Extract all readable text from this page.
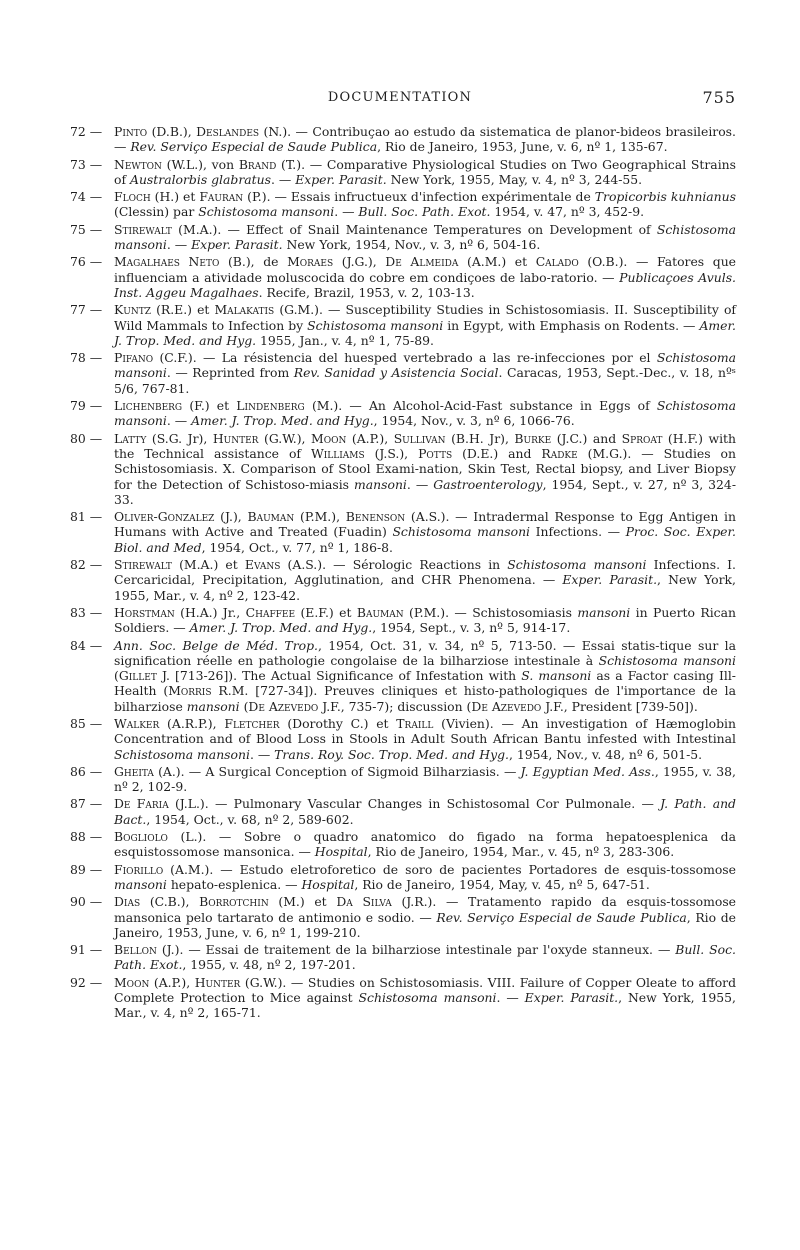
DOCUMENTATION	755
72 — Pinto (D.B.), Deslandes (N.). — Contribuçao ao estudo da sistematica de planor-bideos brasileiros. — Rev. Serviço Especial de Saude Publica, Rio de Janeiro, 1953, June, v. 6, nº 1, 135-67.
73 — Newton (W.L.), von Brand (T.). — Comparative Physiological Studies on Two Geographical Strains of Australorbis glabratus. — Exper. Parasit. New York, 1955, May, v. 4, nº 3, 244-55.
74 — Floch (H.) et Fauran (P.). — Essais infructueux d'infection expérimentale de Tropicorbis kuhnianus (Clessin) par Schistosoma mansoni. — Bull. Soc. Path. Exot. 1954, v. 47, nº 3, 452-9.
75 — Stirewalt (M.A.). — Effect of Snail Maintenance Temperatures on Development of Schistosoma mansoni. — Exper. Parasit. New York, 1954, Nov., v. 3, nº 6, 504-16.
76 — Magalhaes Neto (B.), de Moraes (J.G.), De Almeida (A.M.) et Calado (O.B.). — Fatores que influenciam a atividade moluscocida do cobre em condiçoes de labo-ratorio. — Publicaçoes Avuls. Inst. Aggeu Magalhaes. Recife, Brazil, 1953, v. 2, 103-13.
77 — Kuntz (R.E.) et Malakatis (G.M.). — Susceptibility Studies in Schistosomiasis. II. Susceptibility of Wild Mammals to Infection by Schistosoma mansoni in Egypt, with Emphasis on Rodents. — Amer. J. Trop. Med. and Hyg. 1955, Jan., v. 4, nº 1, 75-89.
78 — Pifano (C.F.). — La résistencia del huesped vertebrado a las re-infecciones por el Schistosoma mansoni. — Reprinted from Rev. Sanidad y Asistencia Social. Caracas, 1953, Sept.-Dec., v. 18, nºˢ 5/6, 767-81.
79 — Lichenberg (F.) et Lindenberg (M.). — An Alcohol-Acid-Fast substance in Eggs of Schistosoma mansoni. — Amer. J. Trop. Med. and Hyg., 1954, Nov., v. 3, nº 6, 1066-76.
80 — Latty (S.G. Jr), Hunter (G.W.), Moon (A.P.), Sullivan (B.H. Jr), Burke (J.C.) and Sproat (H.F.) with the Technical assistance of Williams (J.S.), Potts (D.E.) and Radke (M.G.). — Studies on Schistosomiasis. X. Comparison of Stool Exami-nation, Skin Test, Rectal biopsy, and Liver Biopsy for the Detection of Schistoso-miasis mansoni. — Gastroenterology, 1954, Sept., v. 27, nº 3, 324-33.
81 — Oliver-Gonzalez (J.), Bauman (P.M.), Benenson (A.S.). — Intradermal Response to Egg Antigen in Humans with Active and Treated (Fuadin) Schistosoma mansoni Infections. — Proc. Soc. Exper. Biol. and Med, 1954, Oct., v. 77, nº 1, 186-8.
82 — Stirewalt (M.A.) et Evans (A.S.). — Sérologic Reactions in Schistosoma mansoni Infections. I. Cercaricidal, Precipitation, Agglutination, and CHR Phenomena. — Exper. Parasit., New York, 1955, Mar., v. 4, nº 2, 123-42.
83 — Horstman (H.A.) Jr., Chaffee (E.F.) et Bauman (P.M.). — Schistosomiasis mansoni in Puerto Rican Soldiers. — Amer. J. Trop. Med. and Hyg., 1954, Sept., v. 3, nº 5, 914-17.
84 — Ann. Soc. Belge de Méd. Trop., 1954, Oct. 31, v. 34, nº 5, 713-50. — Essai statis-tique sur la signification réelle en pathologie congolaise de la bilharziose intestinale à Schistosoma mansoni (Gillet J. [713-26]). The Actual Significance of Infestation with S. mansoni as a Factor casing Ill-Health (Morris R.M. [727-34]). Preuves cliniques et histo-pathologiques de l'importance de la bilharziose mansoni (De Azevedo J.F., 735-7); discussion (De Azevedo J.F., President [739-50]).
85 — Walker (A.R.P.), Fletcher (Dorothy C.) et Traill (Vivien). — An investigation of Hæmoglobin Concentration and of Blood Loss in Stools in Adult South African Bantu infested with Intestinal Schistosoma mansoni. — Trans. Roy. Soc. Trop. Med. and Hyg., 1954, Nov., v. 48, nº 6, 501-5.
86 — Gheita (A.). — A Surgical Conception of Sigmoid Bilharziasis. — J. Egyptian Med. Ass., 1955, v. 38, nº 2, 102-9.
87 — De Faria (J.L.). — Pulmonary Vascular Changes in Schistosomal Cor Pulmonale. — J. Path. and Bact., 1954, Oct., v. 68, nº 2, 589-602.
88 — Bogliolo (L.). — Sobre o quadro anatomico do figado na forma hepatoesplenica da esquistossomose mansonica. — Hospital, Rio de Janeiro, 1954, Mar., v. 45, nº 3, 283-306.
89 — Fiorillo (A.M.). — Estudo eletroforetico de soro de pacientes Portadores de esquis-tossomose mansoni hepato-esplenica. — Hospital, Rio de Janeiro, 1954, May, v. 45, nº 5, 647-51.
90 — Dias (C.B.), Borrotchin (M.) et Da Silva (J.R.). — Tratamento rapido da esquis-tossomose mansonica pelo tartarato de antimonio e sodio. — Rev. Serviço Especial de Saude Publica, Rio de Janeiro, 1953, June, v. 6, nº 1, 199-210.
91 — Bellon (J.). — Essai de traitement de la bilharziose intestinale par l'oxyde stanneux. — Bull. Soc. Path. Exot., 1955, v. 48, nº 2, 197-201.
92 — Moon (A.P.), Hunter (G.W.). — Studies on Schistosomiasis. VIII. Failure of Copper Oleate to afford Complete Protection to Mice against Schistosoma mansoni. — Exper. Parasit., New York, 1955, Mar., v. 4, nº 2, 165-71.
